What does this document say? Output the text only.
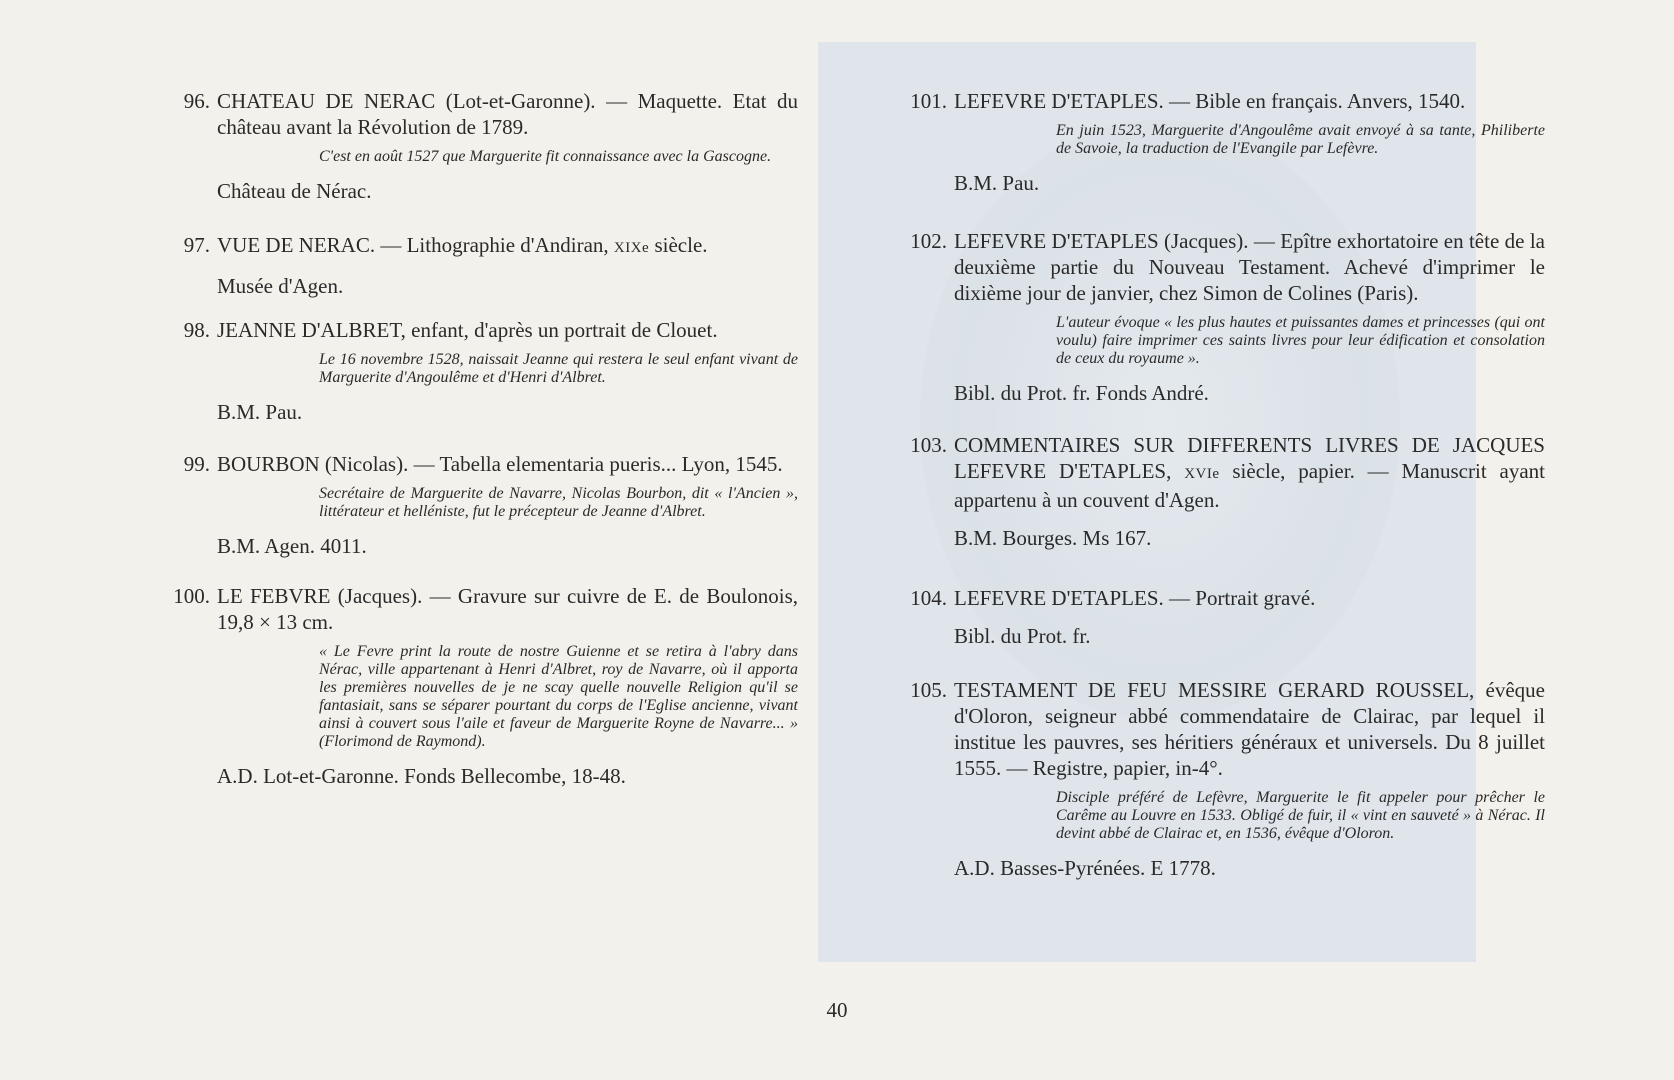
96. CHATEAU DE NERAC (Lot-et-Garonne). — Maquette. Etat du château avant la Révolution de 1789.

C'est en août 1527 que Marguerite fit connaissance avec la Gascogne.

Château de Nérac.

97. VUE DE NERAC. — Lithographie d'Andiran, XIXe siècle.

Musée d'Agen.

98. JEANNE D'ALBRET, enfant, d'après un portrait de Clouet.

Le 16 novembre 1528, naissait Jeanne qui restera le seul enfant vivant de Marguerite d'Angoulême et d'Henri d'Albret.

B.M. Pau.

99. BOURBON (Nicolas). — Tabella elementaria pueris... Lyon, 1545.

Secrétaire de Marguerite de Navarre, Nicolas Bourbon, dit « l'Ancien », littérateur et helléniste, fut le précepteur de Jeanne d'Albret.

B.M. Agen. 4011.

100. LE FEBVRE (Jacques). — Gravure sur cuivre de E. de Boulonois, 19,8 × 13 cm.

« Le Fevre print la route de nostre Guienne et se retira à l'abry dans Nérac, ville appartenant à Henri d'Albret, roy de Navarre, où il apporta les premières nouvelles de je ne scay quelle nouvelle Religion qu'il se fantasiait, sans se séparer pourtant du corps de l'Eglise ancienne, vivant ainsi à couvert sous l'aile et faveur de Marguerite Royne de Navarre... » (Florimond de Raymond).

A.D. Lot-et-Garonne. Fonds Bellecombe, 18-48.

101. LEFEVRE D'ETAPLES. — Bible en français. Anvers, 1540.

En juin 1523, Marguerite d'Angoulême avait envoyé à sa tante, Philiberte de Savoie, la traduction de l'Evangile par Lefèvre.

B.M. Pau.

102. LEFEVRE D'ETAPLES (Jacques). — Epître exhortatoire en tête de la deuxième partie du Nouveau Testament. Achevé d'imprimer le dixième jour de janvier, chez Simon de Colines (Paris).

L'auteur évoque « les plus hautes et puissantes dames et princesses (qui ont voulu) faire imprimer ces saints livres pour leur édification et consolation de ceux du royaume ».

Bibl. du Prot. fr. Fonds André.

103. COMMENTAIRES SUR DIFFERENTS LIVRES DE JACQUES LEFEVRE D'ETAPLES, XVIe siècle, papier. — Manuscrit ayant appartenu à un couvent d'Agen.

B.M. Bourges. Ms 167.

104. LEFEVRE D'ETAPLES. — Portrait gravé.

Bibl. du Prot. fr.

105. TESTAMENT DE FEU MESSIRE GERARD ROUSSEL, évêque d'Oloron, seigneur abbé commendataire de Clairac, par lequel il institue les pauvres, ses héritiers généraux et universels. Du 8 juillet 1555. — Registre, papier, in-4°.

Disciple préféré de Lefèvre, Marguerite le fit appeler pour prêcher le Carême au Louvre en 1533. Obligé de fuir, il « vint en sauveté » à Nérac. Il devint abbé de Clairac et, en 1536, évêque d'Oloron.

A.D. Basses-Pyrénées. E 1778.

40
